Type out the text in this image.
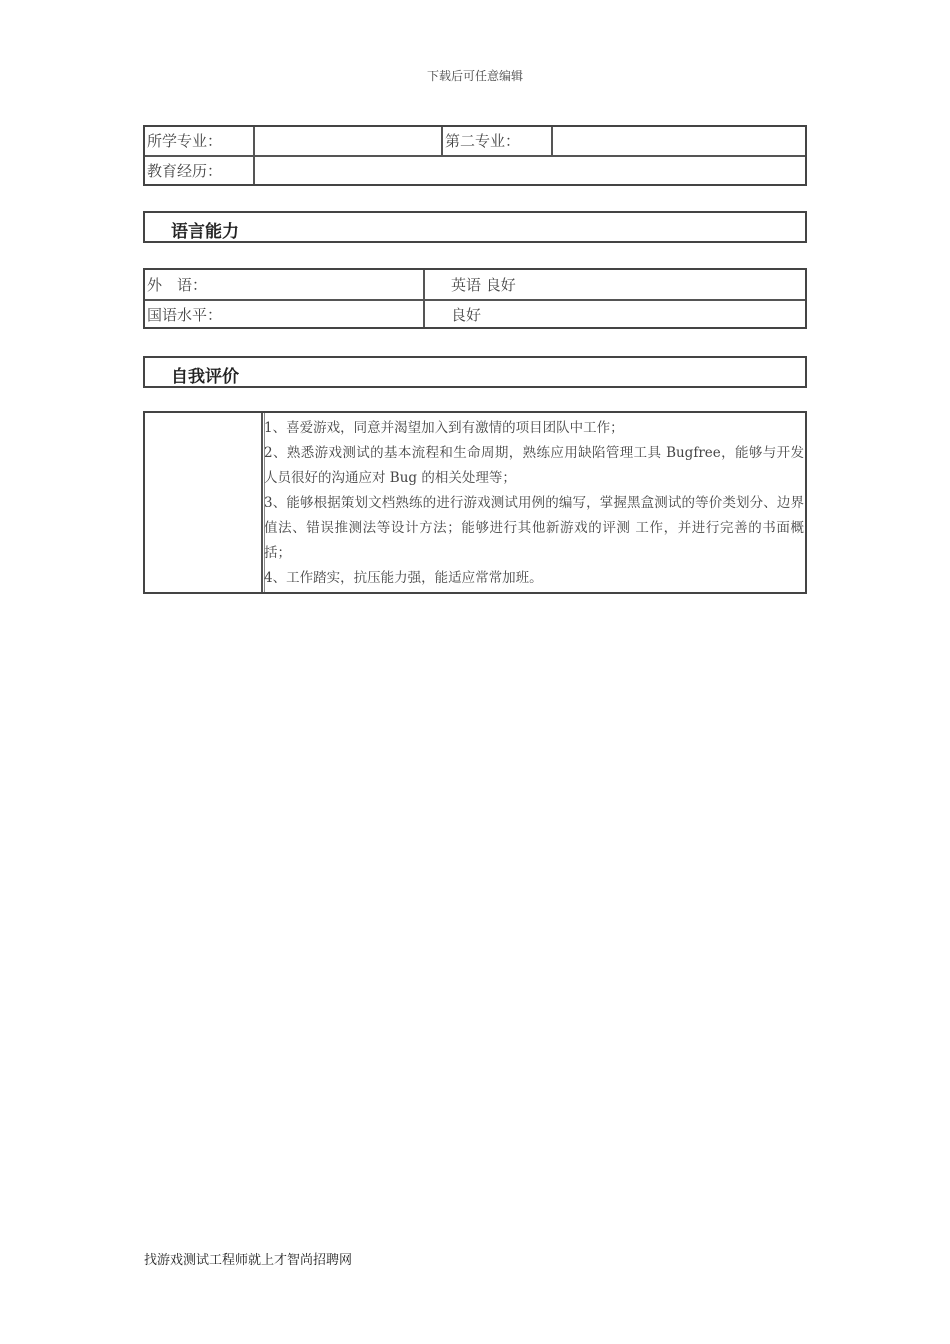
下载后可任意编辑
所学专业：	第二专业：
教育经历：
语言能力
外　语：	英语 良好
国语水平：	良好
自我评价

1、喜爱游戏，同意并渴望加入到有激情的项目团队中工作；

2、熟悉游戏测试的基本流程和生命周期，熟练应用缺陷管理工具 Bugfree，能够与开发人员很好的沟通应对 Bug 的相关处理等；

3、能够根据策划文档熟练的进行游戏测试用例的编写，掌握黑盒测试的等价类划分、边界值法、错误推测法等设计方法；能够进行其他新游戏的评测 工作，并进行完善的书面概括；

4、工作踏实，抗压能力强，能适应常常加班。

找游戏测试工程师就上才智尚招聘网
